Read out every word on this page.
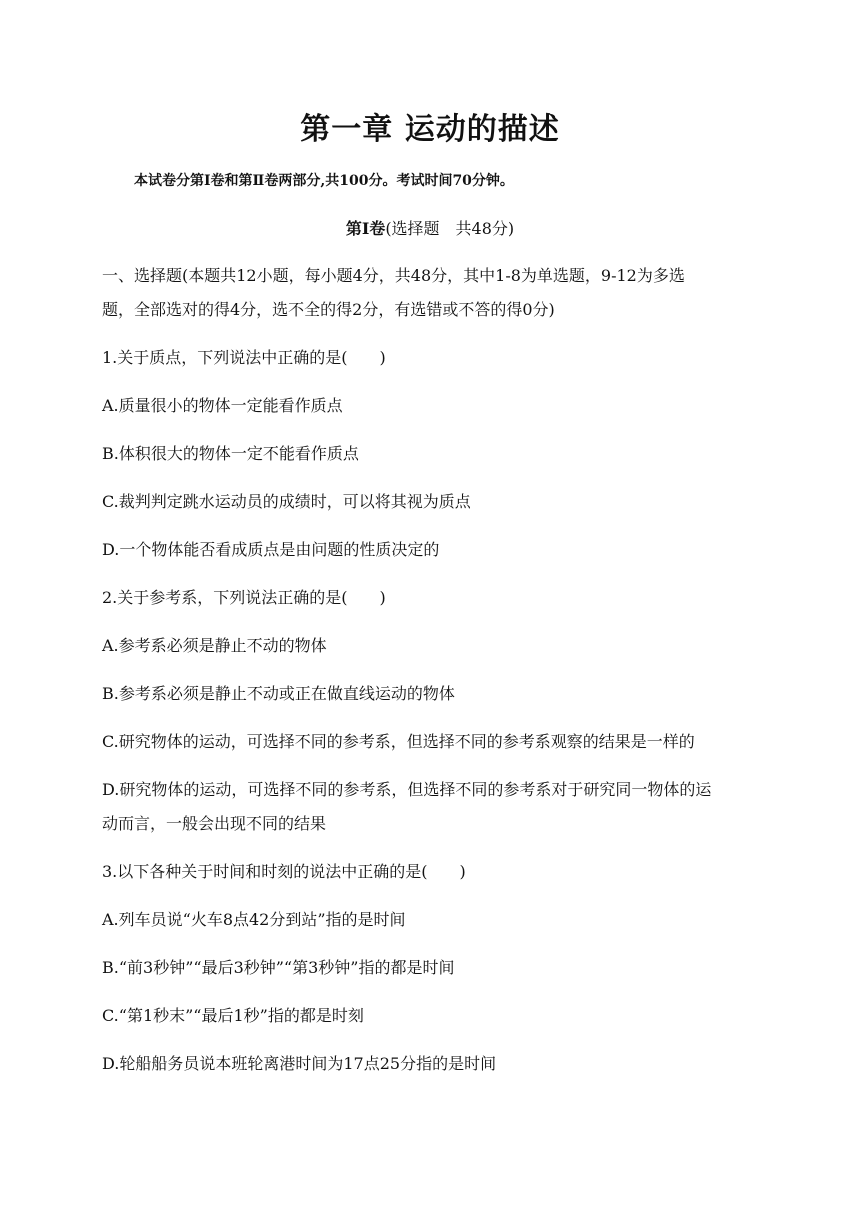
第一章 运动的描述

本试卷分第Ⅰ卷和第Ⅱ卷两部分,共100分。考试时间70分钟。

第Ⅰ卷(选择题　共48分)

一、选择题(本题共12小题，每小题4分，共48分，其中1-8为单选题，9-12为多选

题，全部选对的得4分，选不全的得2分，有选错或不答的得0分)

1.关于质点，下列说法中正确的是(　　)

A.质量很小的物体一定能看作质点

B.体积很大的物体一定不能看作质点

C.裁判判定跳水运动员的成绩时，可以将其视为质点

D.一个物体能否看成质点是由问题的性质决定的

2.关于参考系，下列说法正确的是(　　)

A.参考系必须是静止不动的物体

B.参考系必须是静止不动或正在做直线运动的物体

C.研究物体的运动，可选择不同的参考系，但选择不同的参考系观察的结果是一样的

D.研究物体的运动，可选择不同的参考系，但选择不同的参考系对于研究同一物体的运

动而言，一般会出现不同的结果

3.以下各种关于时间和时刻的说法中正确的是(　　)

A.列车员说“火车8点42分到站”指的是时间

B.“前3秒钟”“最后3秒钟”“第3秒钟”指的都是时间

C.“第1秒末”“最后1秒”指的都是时刻

D.轮船船务员说本班轮离港时间为17点25分指的是时间
